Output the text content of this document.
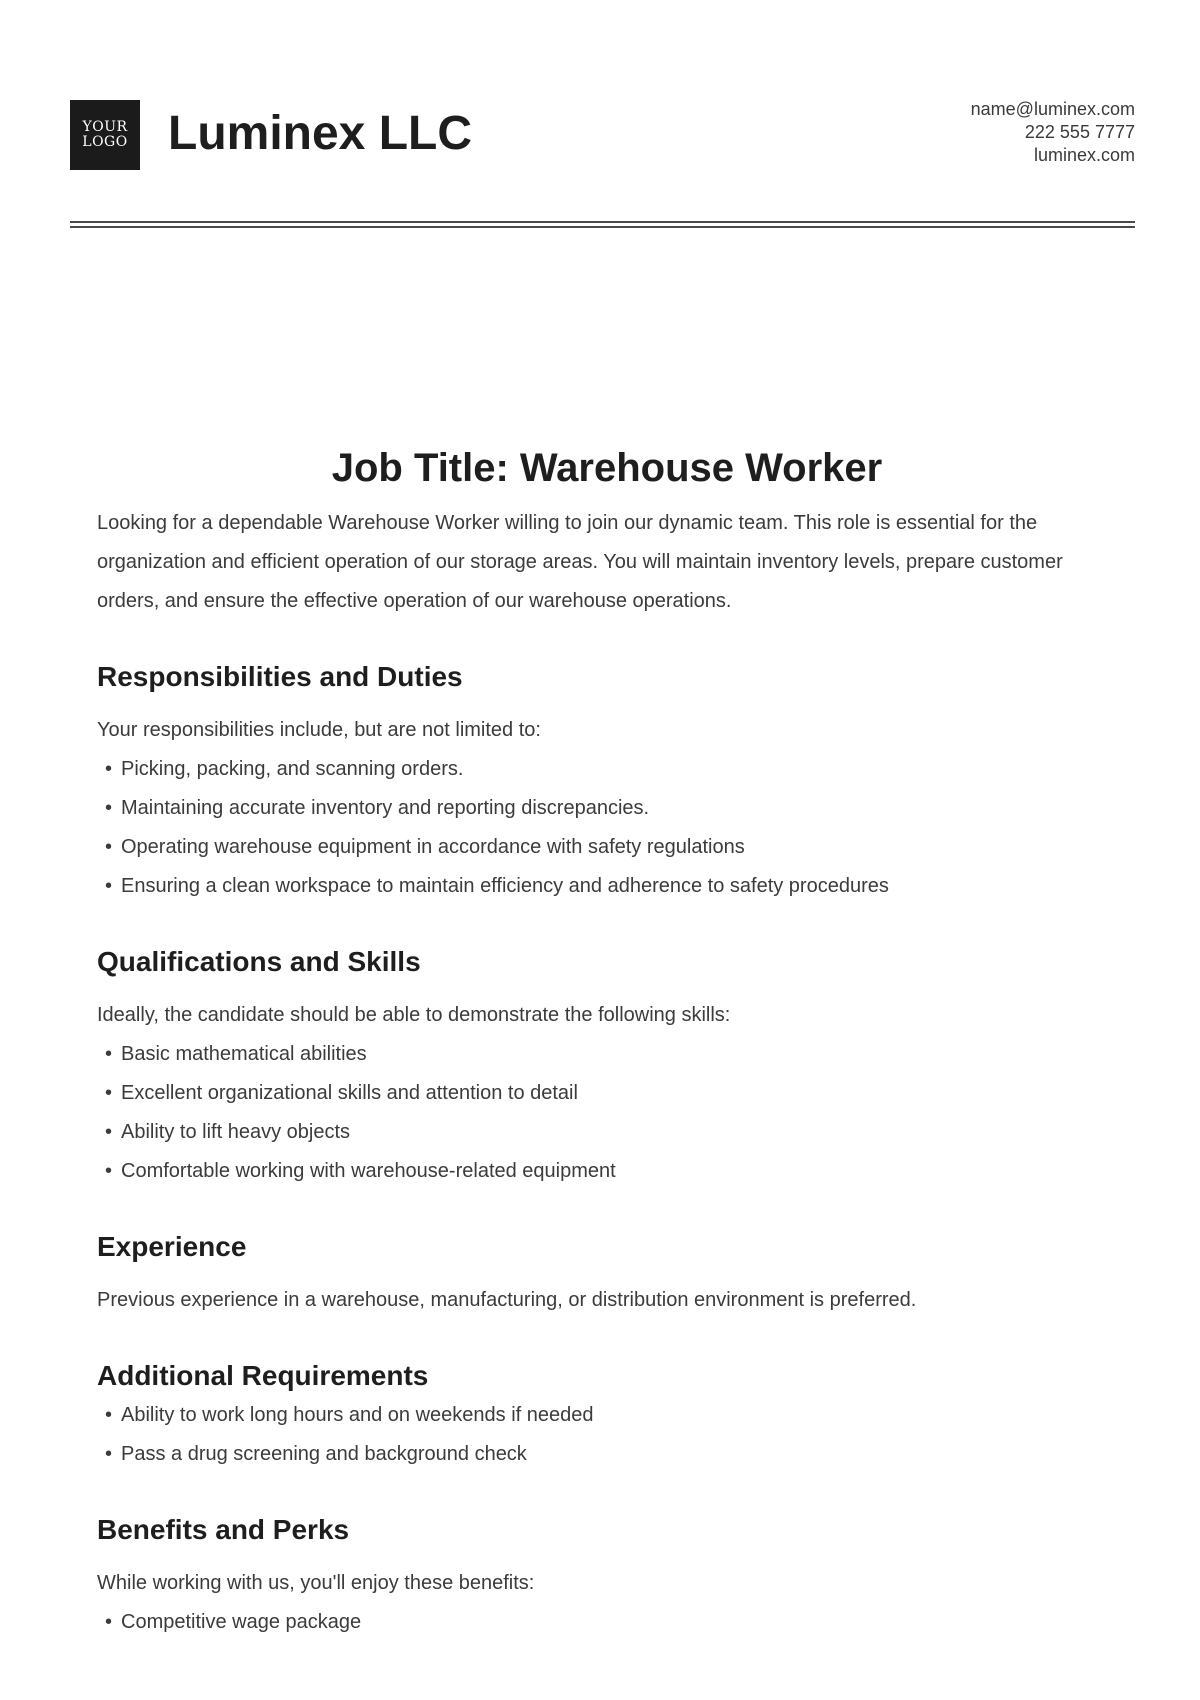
YOUR
LOGO Luminex LLC	name@luminex.com
222 555 7777
luminex.com
Job Title: Warehouse Worker

Looking for a dependable Warehouse Worker willing to join our dynamic team. This role is essential for the organization and efficient operation of our storage areas. You will maintain inventory levels, prepare customer orders, and ensure the effective operation of our warehouse operations.

Responsibilities and Duties

Your responsibilities include, but are not limited to:

• Picking, packing, and scanning orders.
• Maintaining accurate inventory and reporting discrepancies.
• Operating warehouse equipment in accordance with safety regulations
• Ensuring a clean workspace to maintain efficiency and adherence to safety procedures
Qualifications and Skills

Ideally, the candidate should be able to demonstrate the following skills:

• Basic mathematical abilities
• Excellent organizational skills and attention to detail
• Ability to lift heavy objects
• Comfortable working with warehouse-related equipment
Experience

Previous experience in a warehouse, manufacturing, or distribution environment is preferred.

Additional Requirements
• Ability to work long hours and on weekends if needed
• Pass a drug screening and background check
Benefits and Perks

While working with us, you'll enjoy these benefits:

• Competitive wage package
